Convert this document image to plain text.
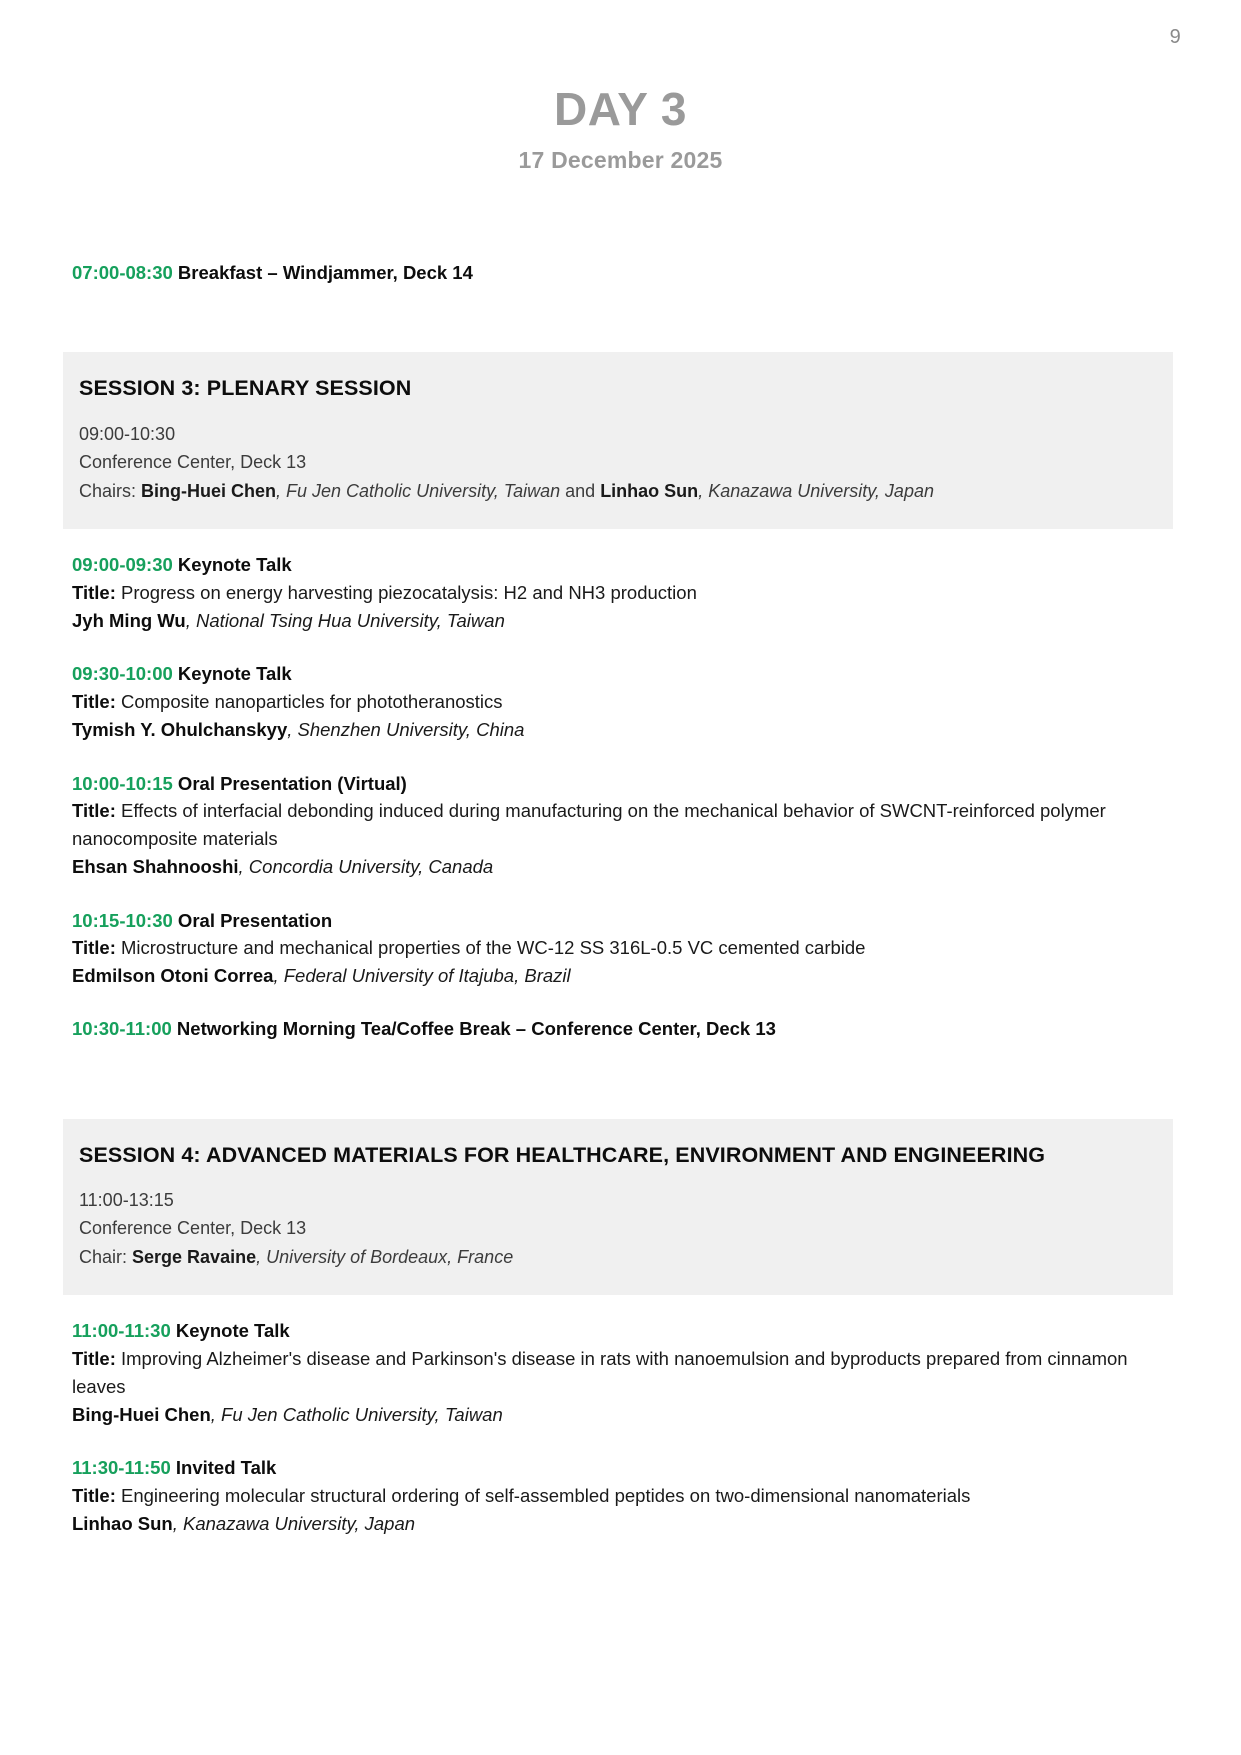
9
DAY 3
17 December 2025
07:00-08:30 Breakfast – Windjammer, Deck 14
SESSION 3: PLENARY SESSION
09:00-10:30
Conference Center, Deck 13
Chairs: Bing-Huei Chen, Fu Jen Catholic University, Taiwan and Linhao Sun, Kanazawa University, Japan
09:00-09:30 Keynote Talk
Title: Progress on energy harvesting piezocatalysis: H2 and NH3 production
Jyh Ming Wu, National Tsing Hua University, Taiwan
09:30-10:00 Keynote Talk
Title: Composite nanoparticles for phototheranostics
Tymish Y. Ohulchanskyy, Shenzhen University, China
10:00-10:15 Oral Presentation (Virtual)
Title: Effects of interfacial debonding induced during manufacturing on the mechanical behavior of SWCNT-reinforced polymer nanocomposite materials
Ehsan Shahnooshi, Concordia University, Canada
10:15-10:30 Oral Presentation
Title: Microstructure and mechanical properties of the WC-12 SS 316L-0.5 VC cemented carbide
Edmilson Otoni Correa, Federal University of Itajuba, Brazil
10:30-11:00 Networking Morning Tea/Coffee Break – Conference Center, Deck 13
SESSION 4: ADVANCED MATERIALS FOR HEALTHCARE, ENVIRONMENT AND ENGINEERING
11:00-13:15
Conference Center, Deck 13
Chair: Serge Ravaine, University of Bordeaux, France
11:00-11:30 Keynote Talk
Title: Improving Alzheimer's disease and Parkinson's disease in rats with nanoemulsion and byproducts prepared from cinnamon leaves
Bing-Huei Chen, Fu Jen Catholic University, Taiwan
11:30-11:50 Invited Talk
Title: Engineering molecular structural ordering of self-assembled peptides on two-dimensional nanomaterials
Linhao Sun, Kanazawa University, Japan
